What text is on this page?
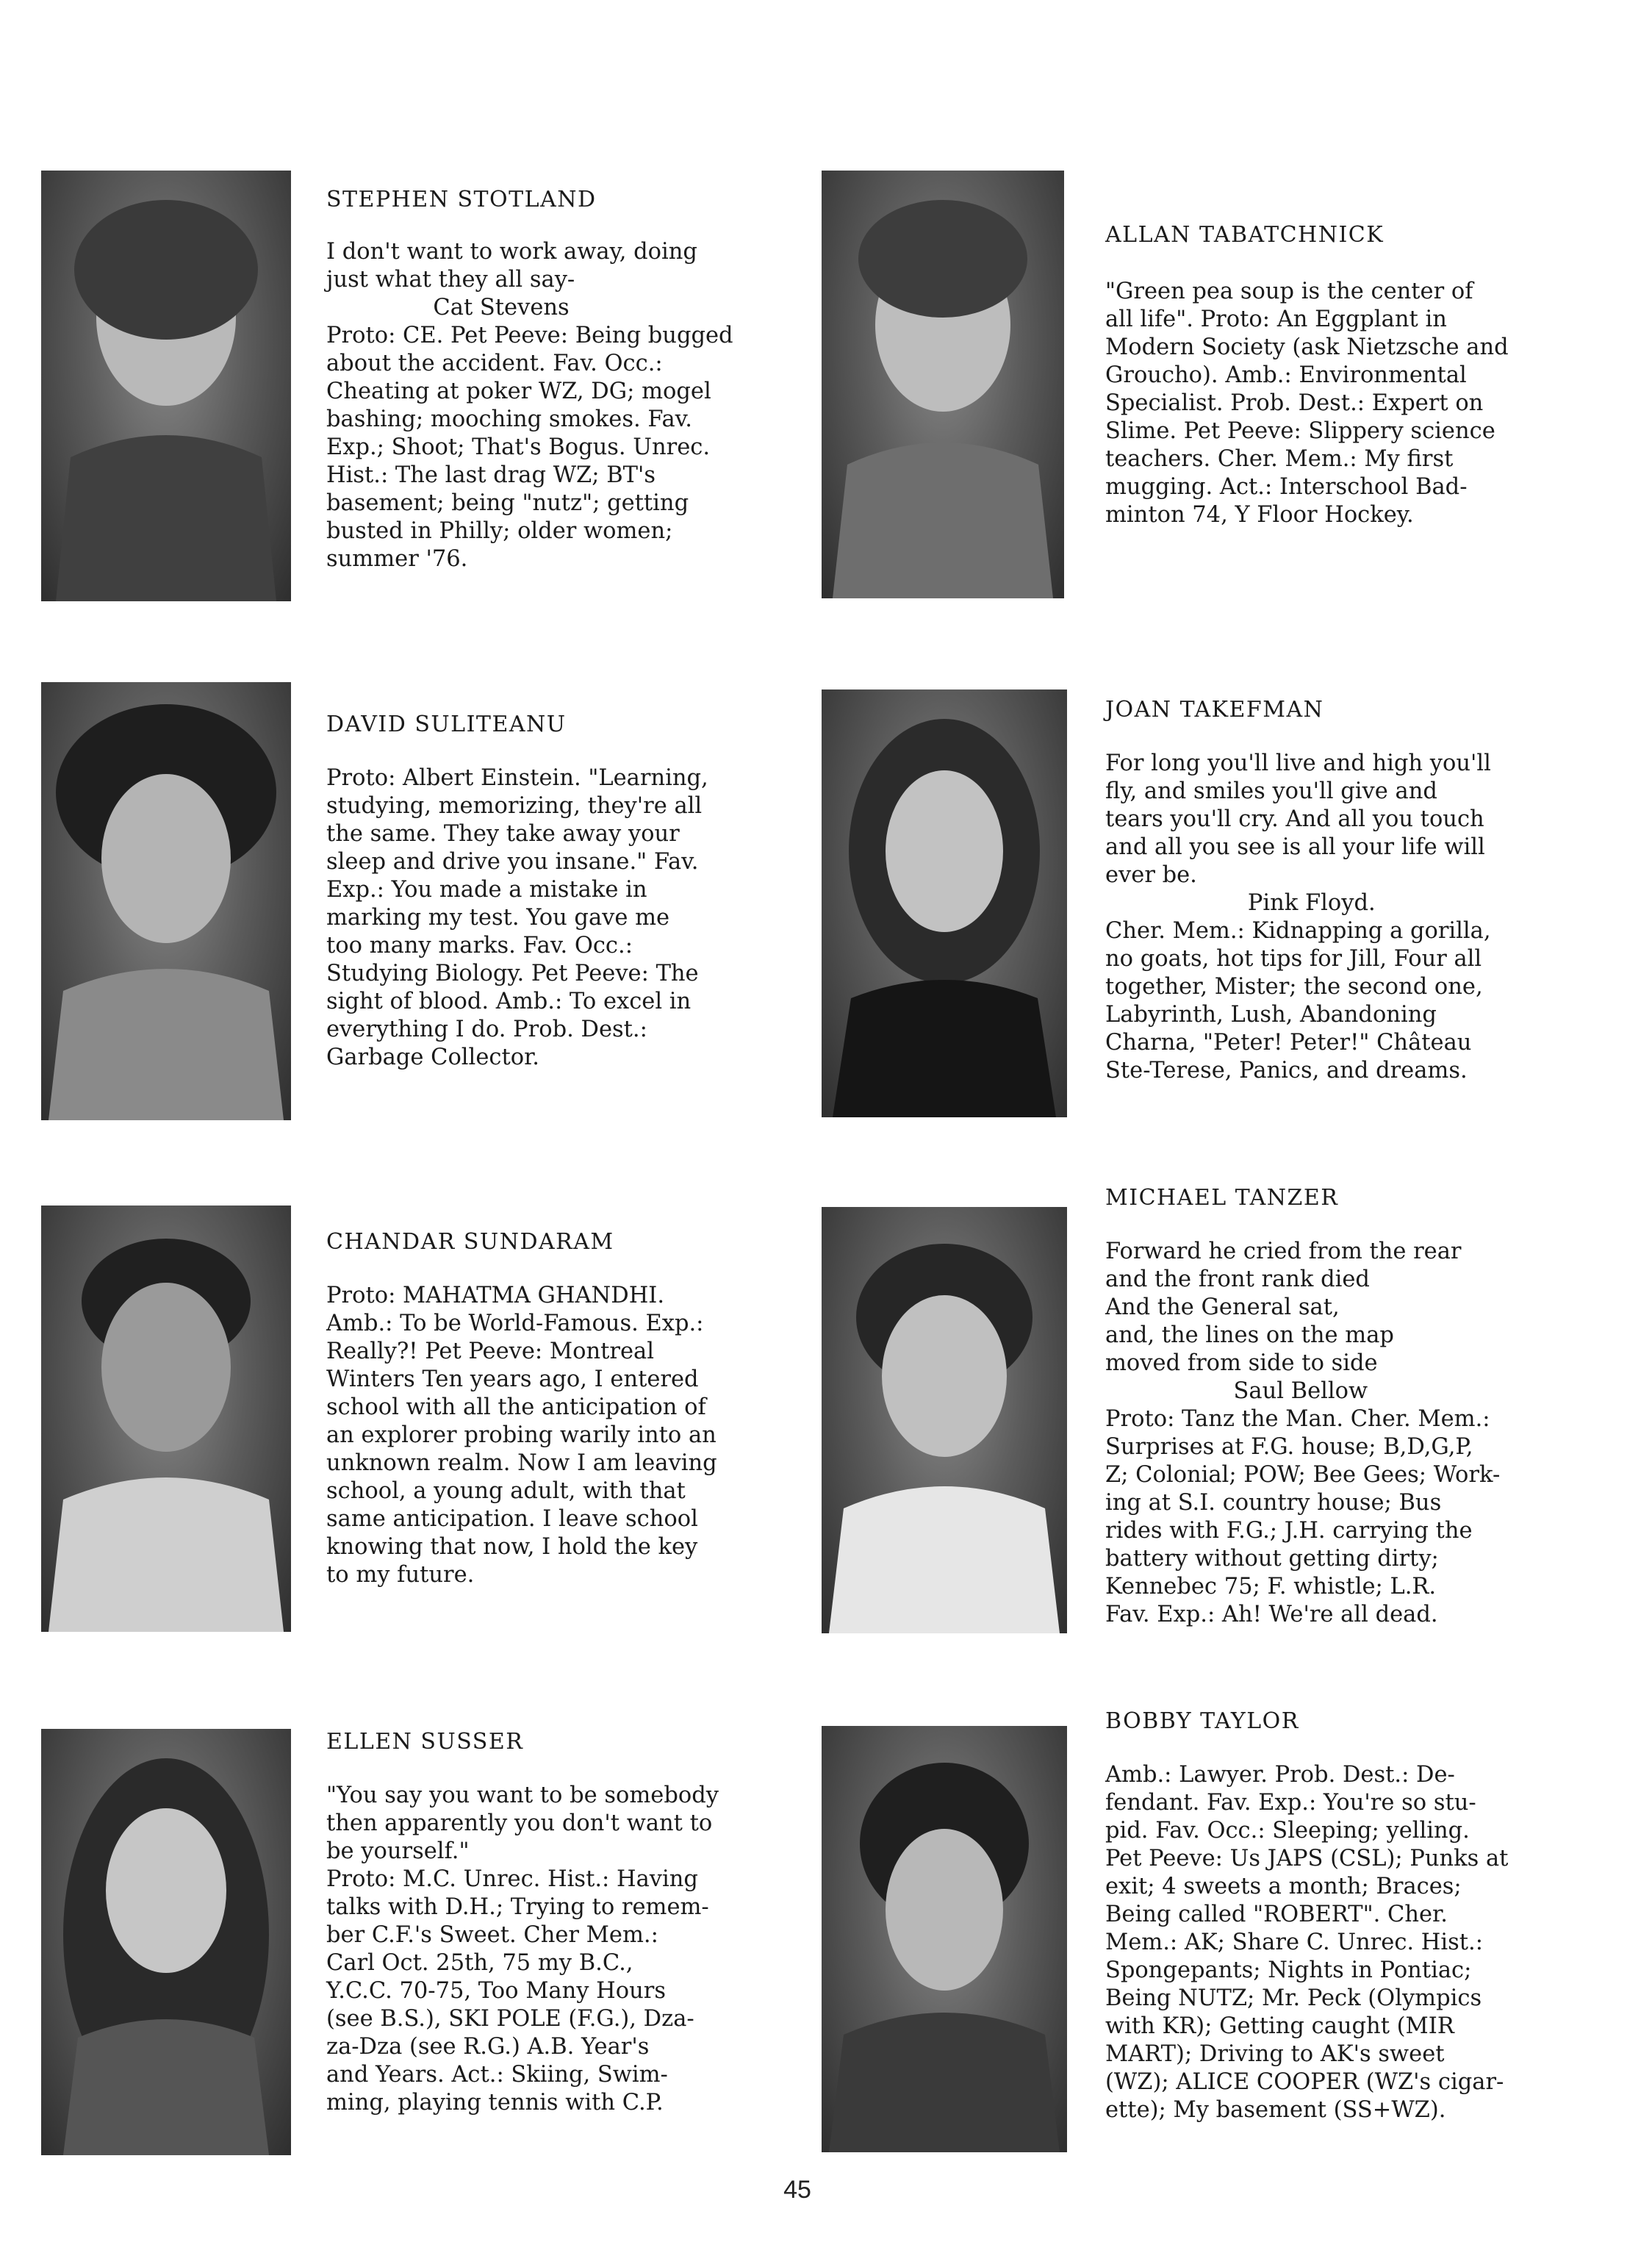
STEPHEN STOTLAND
I don't want to work away, doing
just what they all say-
Cat Stevens
Proto: CE. Pet Peeve: Being bugged
about the accident. Fav. Occ.:
Cheating at poker WZ, DG; mogel
bashing; mooching smokes. Fav.
Exp.; Shoot; That's Bogus. Unrec.
Hist.: The last drag WZ; BT's
basement; being "nutz"; getting
busted in Philly; older women;
summer '76.
ALLAN TABATCHNICK
"Green pea soup is the center of
all life". Proto: An Eggplant in
Modern Society (ask Nietzsche and
Groucho). Amb.: Environmental
Specialist. Prob. Dest.: Expert on
Slime. Pet Peeve: Slippery science
teachers. Cher. Mem.: My first
mugging. Act.: Interschool Bad-
minton 74, Y Floor Hockey.
DAVID SULITEANU
Proto: Albert Einstein. "Learning,
studying, memorizing, they're all
the same. They take away your
sleep and drive you insane." Fav.
Exp.: You made a mistake in
marking my test. You gave me
too many marks. Fav. Occ.:
Studying Biology. Pet Peeve: The
sight of blood. Amb.: To excel in
everything I do. Prob. Dest.:
Garbage Collector.
JOAN TAKEFMAN
For long you'll live and high you'll
fly, and smiles you'll give and
tears you'll cry. And all you touch
and all you see is all your life will
ever be.
Pink Floyd.
Cher. Mem.: Kidnapping a gorilla,
no goats, hot tips for Jill, Four all
together, Mister; the second one,
Labyrinth, Lush, Abandoning
Charna, "Peter! Peter!" Château
Ste-Terese, Panics, and dreams.
CHANDAR SUNDARAM
Proto: MAHATMA GHANDHI.
Amb.: To be World-Famous. Exp.:
Really?! Pet Peeve: Montreal
Winters Ten years ago, I entered
school with all the anticipation of
an explorer probing warily into an
unknown realm. Now I am leaving
school, a young adult, with that
same anticipation. I leave school
knowing that now, I hold the key
to my future.
MICHAEL TANZER
Forward he cried from the rear
and the front rank died
And the General sat,
and, the lines on the map
moved from side to side
Saul Bellow
Proto: Tanz the Man. Cher. Mem.:
Surprises at F.G. house; B,D,G,P,
Z; Colonial; POW; Bee Gees; Work-
ing at S.I. country house; Bus
rides with F.G.; J.H. carrying the
battery without getting dirty;
Kennebec 75; F. whistle; L.R.
Fav. Exp.: Ah! We're all dead.
ELLEN SUSSER
"You say you want to be somebody
then apparently you don't want to
be yourself."
Proto: M.C. Unrec. Hist.: Having
talks with D.H.; Trying to remem-
ber C.F.'s Sweet. Cher Mem.:
Carl Oct. 25th, 75 my B.C.,
Y.C.C. 70-75, Too Many Hours
(see B.S.), SKI POLE (F.G.), Dza-
za-Dza (see R.G.) A.B. Year's
and Years. Act.: Skiing, Swim-
ming, playing tennis with C.P.
BOBBY TAYLOR
Amb.: Lawyer. Prob. Dest.: De-
fendant. Fav. Exp.: You're so stu-
pid. Fav. Occ.: Sleeping; yelling.
Pet Peeve: Us JAPS (CSL); Punks at
exit; 4 sweets a month; Braces;
Being called "ROBERT". Cher.
Mem.: AK; Share C. Unrec. Hist.:
Spongepants; Nights in Pontiac;
Being NUTZ; Mr. Peck (Olympics
with KR); Getting caught (MIR
MART); Driving to AK's sweet
(WZ); ALICE COOPER (WZ's cigar-
ette); My basement (SS+WZ).
45
